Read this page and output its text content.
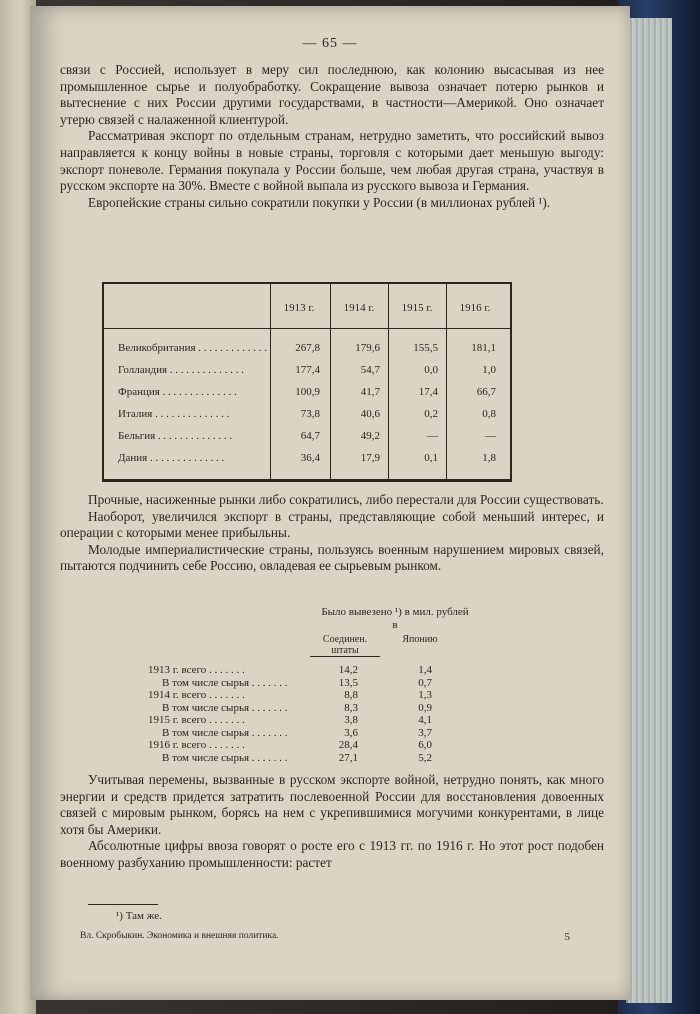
— 65 —

связи с Россией, использует в меру сил последнюю, как колонию высасывая из нее промышленное сырье и полуобработку. Сокращение вывоза означает потерю рынков и вытеснение с них России другими государствами, в частности—Америкой. Оно означает утерю связей с налаженной клиентурой.

Рассматривая экспорт по отдельным странам, нетрудно заметить, что российский вывоз направляется к концу войны в новые страны, торговля с которыми дает меньшую выгоду: экспорт поневоле. Германия покупала у России больше, чем любая другая страна, участвуя в русском экспорте на 30%. Вместе с войной выпала из русского вывоза и Германия.

Европейские страны сильно сократили покупки у России (в миллионах рублей ¹).

1913 г.	1914 г.	1915 г.	1916 г.
Великобритания . . .	267,8	179,6	155,5	181,1
Голландия . . .	177,4	54,7	0,0	1,0
Франция . . .	100,9	41,7	17,4	66,7
Италия . . .	73,8	40,6	0,2	0,8
Бельгия . . .	64,7	49,2	—	—
Дания . . .	36,4	17,9	0,1	1,8

Прочные, насиженные рынки либо сократились, либо перестали для России существовать.

Наоборот, увеличился экспорт в страны, представляющие собой меньший интерес, и операции с которыми менее прибыльны.

Молодые империалистические страны, пользуясь военным нарушением мировых связей, пытаются подчинить себе Россию, овладевая ее сырьевым рынком.

Было вывезено ¹) в мил. рублей в
Соединен. штаты
Японию
1913 г. всего . . .	14,2	1,4
В том числе сырья . . .	13,5	0,7
1914 г. всего . . .	8,8	1,3
В том числе сырья . . .	8,3	0,9
1915 г. всего . . .	3,8	4,1
В том числе сырья . . .	3,6	3,7
1916 г. всего . . .	28,4	6,0
В том числе сырья . . .	27,1	5,2

Учитывая перемены, вызванные в русском экспорте войной, нетрудно понять, как много энергии и средств придется затратить послевоенной России для восстановления довоенных связей с мировым рынком, борясь на нем с укрепившимися могучими конкурентами, в лице хотя бы Америки.

Абсолютные цифры ввоза говорят о росте его с 1913 гг. по 1916 г. Но этот рост подобен военному разбуханию промышленности: растет

¹) Там же.
Вл. Скробыкин. Экономика и внешняя политика.	5
